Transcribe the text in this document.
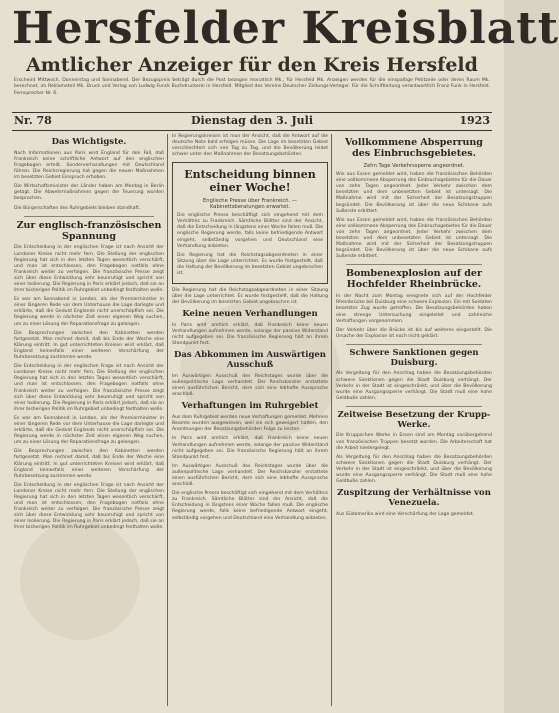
Hersfelder Kreisblatt
Amtlicher Anzeiger für den Kreis Hersfeld
Erscheint Mittwoch, Donnerstag und Sonnabend. Der Bezugspreis beträgt durch die Post bezogen monatlich Mk., für Hersfeld Mk. Anzeigen werden für die einspaltige Petitzeile oder deren Raum Mk. berechnet, im Reklameteil Mk. Druck und Verlag von Ludwig Funck Buchdruckerei in Hersfeld. Mitglied des Vereins Deutscher Zeitungs-Verleger. Für die Schriftleitung verantwortlich Franz Funk in Hersfeld. Fernsprecher Nr. 6.
Nr. 78	Dienstag den 3. Juli	1923
Das Wichtigste.
Nach Informationen aus Paris wird England für den Fall, daß Frankreich keine schriftliche Antwort auf den englischen Fragebogen erteilt, Sonderverhandlungen mit Deutschland führen. Die Reichsregierung hat gegen die neuen Maßnahmen im besetzten Gebiet Einspruch erhoben.
Die Wirtschaftsminister der Länder haben am Montag in Berlin getagt. Die Abwehrmaßnahmen gegen die Teuerung wurden besprochen.
Die Bürgerschaften des Ruhrgebiets bleiben standhaft.
Zur englisch-französischen Spannung
Die Entscheidung in der englischen Frage ist nach Ansicht der Londoner Kreise nicht mehr fern. Die Stellung der englischen Regierung hat sich in den letzten Tagen wesentlich verschärft, und man ist entschlossen, den Fragebogen notfalls ohne Frankreich weiter zu verfolgen. Die französische Presse zeigt sich über diese Entwicklung sehr beunruhigt und spricht von einer Isolierung. Die Regierung in Paris erklärt jedoch, daß sie an ihrer bisherigen Politik im Ruhrgebiet unbedingt festhalten wolle.
Es war am Sonnabend in London, als der Premierminister in einer längeren Rede vor dem Unterhause die Lage darlegte und erklärte, daß die Geduld Englands nicht unerschöpflich sei. Die Regierung werde in nächster Zeit einen eigenen Weg suchen, um zu einer Lösung der Reparationsfrage zu gelangen.
Die Besprechungen zwischen den Kabinetten werden fortgesetzt. Man rechnet damit, daß bis Ende der Woche eine Klärung eintritt. In gut unterrichteten Kreisen wird erklärt, daß England keinesfalls einer weiteren Verschärfung der Ruhrbesetzung zustimmen werde.
Die Entscheidung in der englischen Frage ist nach Ansicht der Londoner Kreise nicht mehr fern. Die Stellung der englischen Regierung hat sich in den letzten Tagen wesentlich verschärft, und man ist entschlossen, den Fragebogen notfalls ohne Frankreich weiter zu verfolgen. Die französische Presse zeigt sich über diese Entwicklung sehr beunruhigt und spricht von einer Isolierung. Die Regierung in Paris erklärt jedoch, daß sie an ihrer bisherigen Politik im Ruhrgebiet unbedingt festhalten wolle.
Es war am Sonnabend in London, als der Premierminister in einer längeren Rede vor dem Unterhause die Lage darlegte und erklärte, daß die Geduld Englands nicht unerschöpflich sei. Die Regierung werde in nächster Zeit einen eigenen Weg suchen, um zu einer Lösung der Reparationsfrage zu gelangen.
Die Besprechungen zwischen den Kabinetten werden fortgesetzt. Man rechnet damit, daß bis Ende der Woche eine Klärung eintritt. In gut unterrichteten Kreisen wird erklärt, daß England keinesfalls einer weiteren Verschärfung der Ruhrbesetzung zustimmen werde.
Die Entscheidung in der englischen Frage ist nach Ansicht der Londoner Kreise nicht mehr fern. Die Stellung der englischen Regierung hat sich in den letzten Tagen wesentlich verschärft, und man ist entschlossen, den Fragebogen notfalls ohne Frankreich weiter zu verfolgen. Die französische Presse zeigt sich über diese Entwicklung sehr beunruhigt und spricht von einer Isolierung. Die Regierung in Paris erklärt jedoch, daß sie an ihrer bisherigen Politik im Ruhrgebiet unbedingt festhalten wolle.
In Regierungskreisen ist man der Ansicht, daß die Antwort auf die deutsche Note bald erfolgen müsse. Die Lage im besetzten Gebiet verschlechtert sich von Tag zu Tag, und die Bevölkerung leidet schwer unter den Maßnahmen der Besatzungsbehörden.
Entscheidung binnen einer Woche!
Englische Presse über Frankreich. — Kabinettsberatungen erwartet.
Die englische Presse beschäftigt sich eingehend mit dem Verhältnis zu Frankreich. Sämtliche Blätter sind der Ansicht, daß die Entscheidung in längstens einer Woche fallen muß. Die englische Regierung werde, falls keine befriedigende Antwort eingeht, selbständig vorgehen und Deutschland eine Verhandlung anbieten.
Die Regierung hat die Reichstagsabgeordneten in einer Sitzung über die Lage unterrichtet. Es wurde festgestellt, daß die Haltung der Bevölkerung im besetzten Gebiet ungebrochen ist.
Die Regierung hat die Reichstagsabgeordneten in einer Sitzung über die Lage unterrichtet. Es wurde festgestellt, daß die Haltung der Bevölkerung im besetzten Gebiet ungebrochen ist.
Keine neuen Verhandlungen
In Paris wird amtlich erklärt, daß Frankreich keine neuen Verhandlungen aufnehmen werde, solange der passive Widerstand nicht aufgegeben sei. Die französische Regierung hält an ihrem Standpunkt fest.
Das Abkommen im Auswärtigen Ausschuß
Im Auswärtigen Ausschuß des Reichstages wurde über die außenpolitische Lage verhandelt. Der Reichskanzler erstattete einen ausführlichen Bericht, dem sich eine lebhafte Aussprache anschloß.
Verhaftungen im Ruhrgebiet
Aus dem Ruhrgebiet werden neue Verhaftungen gemeldet. Mehrere Beamte wurden ausgewiesen, weil sie sich geweigert hatten, den Anordnungen der Besatzungsbehörden Folge zu leisten.
In Paris wird amtlich erklärt, daß Frankreich keine neuen Verhandlungen aufnehmen werde, solange der passive Widerstand nicht aufgegeben sei. Die französische Regierung hält an ihrem Standpunkt fest.
Im Auswärtigen Ausschuß des Reichstages wurde über die außenpolitische Lage verhandelt. Der Reichskanzler erstattete einen ausführlichen Bericht, dem sich eine lebhafte Aussprache anschloß.
Die englische Presse beschäftigt sich eingehend mit dem Verhältnis zu Frankreich. Sämtliche Blätter sind der Ansicht, daß die Entscheidung in längstens einer Woche fallen muß. Die englische Regierung werde, falls keine befriedigende Antwort eingeht, selbständig vorgehen und Deutschland eine Verhandlung anbieten.
Vollkommene Absperrung des Einbruchsgebietes.
Zehn Tage Verkehrssperre angeordnet.
Wie aus Essen gemeldet wird, haben die französischen Behörden eine vollkommene Absperrung des Einbruchsgebietes für die Dauer von zehn Tagen angeordnet. Jeder Verkehr zwischen dem besetzten und dem unbesetzten Gebiet ist untersagt. Die Maßnahme wird mit der Sicherheit der Besatzungstruppen begründet. Die Bevölkerung ist über die neue Schikane aufs äußerste erbittert.
Wie aus Essen gemeldet wird, haben die französischen Behörden eine vollkommene Absperrung des Einbruchsgebietes für die Dauer von zehn Tagen angeordnet. Jeder Verkehr zwischen dem besetzten und dem unbesetzten Gebiet ist untersagt. Die Maßnahme wird mit der Sicherheit der Besatzungstruppen begründet. Die Bevölkerung ist über die neue Schikane aufs äußerste erbittert.
Bombenexplosion auf der Hochfelder Rheinbrücke.
In der Nacht zum Montag ereignete sich auf der Hochfelder Rheinbrücke bei Duisburg eine schwere Explosion. Ein mit Soldaten besetzter Zug wurde getroffen. Die Besatzungsbehörden haben eine strenge Untersuchung eingeleitet und zahlreiche Verhaftungen vorgenommen.
Der Verkehr über die Brücke ist bis auf weiteres eingestellt. Die Ursache der Explosion ist noch nicht geklärt.
Schwere Sanktionen gegen Duisburg.
Als Vergeltung für den Anschlag haben die Besatzungsbehörden schwere Sanktionen gegen die Stadt Duisburg verhängt. Der Verkehr in der Stadt ist eingeschränkt, und über die Bevölkerung wurde eine Ausgangssperre verhängt. Die Stadt muß eine hohe Geldbuße zahlen.
Zeitweise Besetzung der Krupp-Werke.
Die Kruppschen Werke in Essen sind am Montag vorübergehend von französischen Truppen besetzt worden. Die Arbeiterschaft hat die Arbeit niedergelegt.
Als Vergeltung für den Anschlag haben die Besatzungsbehörden schwere Sanktionen gegen die Stadt Duisburg verhängt. Der Verkehr in der Stadt ist eingeschränkt, und über die Bevölkerung wurde eine Ausgangssperre verhängt. Die Stadt muß eine hohe Geldbuße zahlen.
Zuspitzung der Verhältnisse von Venezuela.
Aus Südamerika wird eine Verschärfung der Lage gemeldet.
